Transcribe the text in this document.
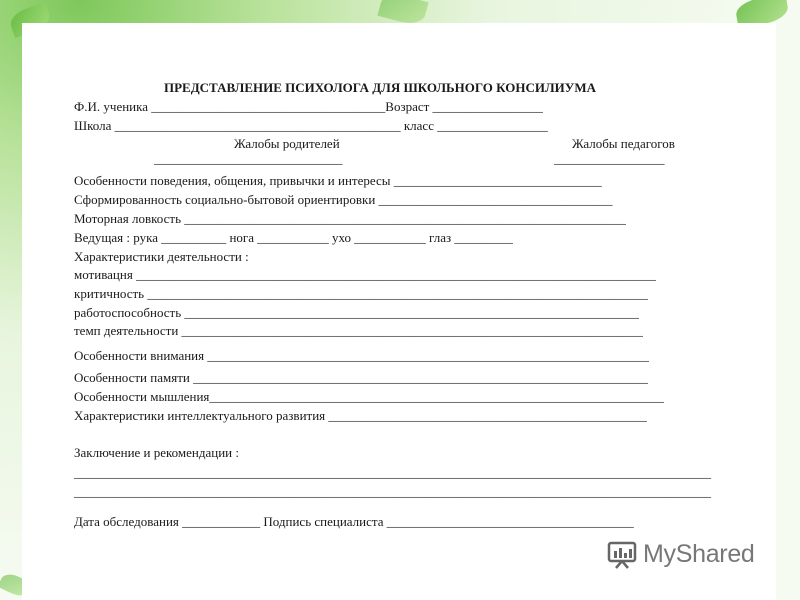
ПРЕДСТАВЛЕНИЕ ПСИХОЛОГА ДЛЯ ШКОЛЬНОГО КОНСИЛИУМА
Ф.И. ученика ____________________________________Возраст _________________
Школа ____________________________________________ класс _________________
Жалобы родителей	Жалобы педагогов
_____________________________	_________________
Особенности поведения, общения, привычки и интересы ________________________________
Сформированность социально-бытовой ориентировки ____________________________________
Моторная ловкость ____________________________________________________________________
Ведущая : рука __________ нога ___________ ухо ___________ глаз _________
Характеристики деятельности :
мотивацня ________________________________________________________________________________
критичность _____________________________________________________________________________
работоспособность ______________________________________________________________________
темп деятельности _______________________________________________________________________
Особенности внимания ____________________________________________________________________
Особенности памяти ______________________________________________________________________
Особенности мышления______________________________________________________________________
Характеристики интеллектуального развития _________________________________________________
Заключение и рекомендации :
__________________________________________________________________________________________________
__________________________________________________________________________________________________
Дата обследования ____________ Подпись специалиста ______________________________________
MyShared
